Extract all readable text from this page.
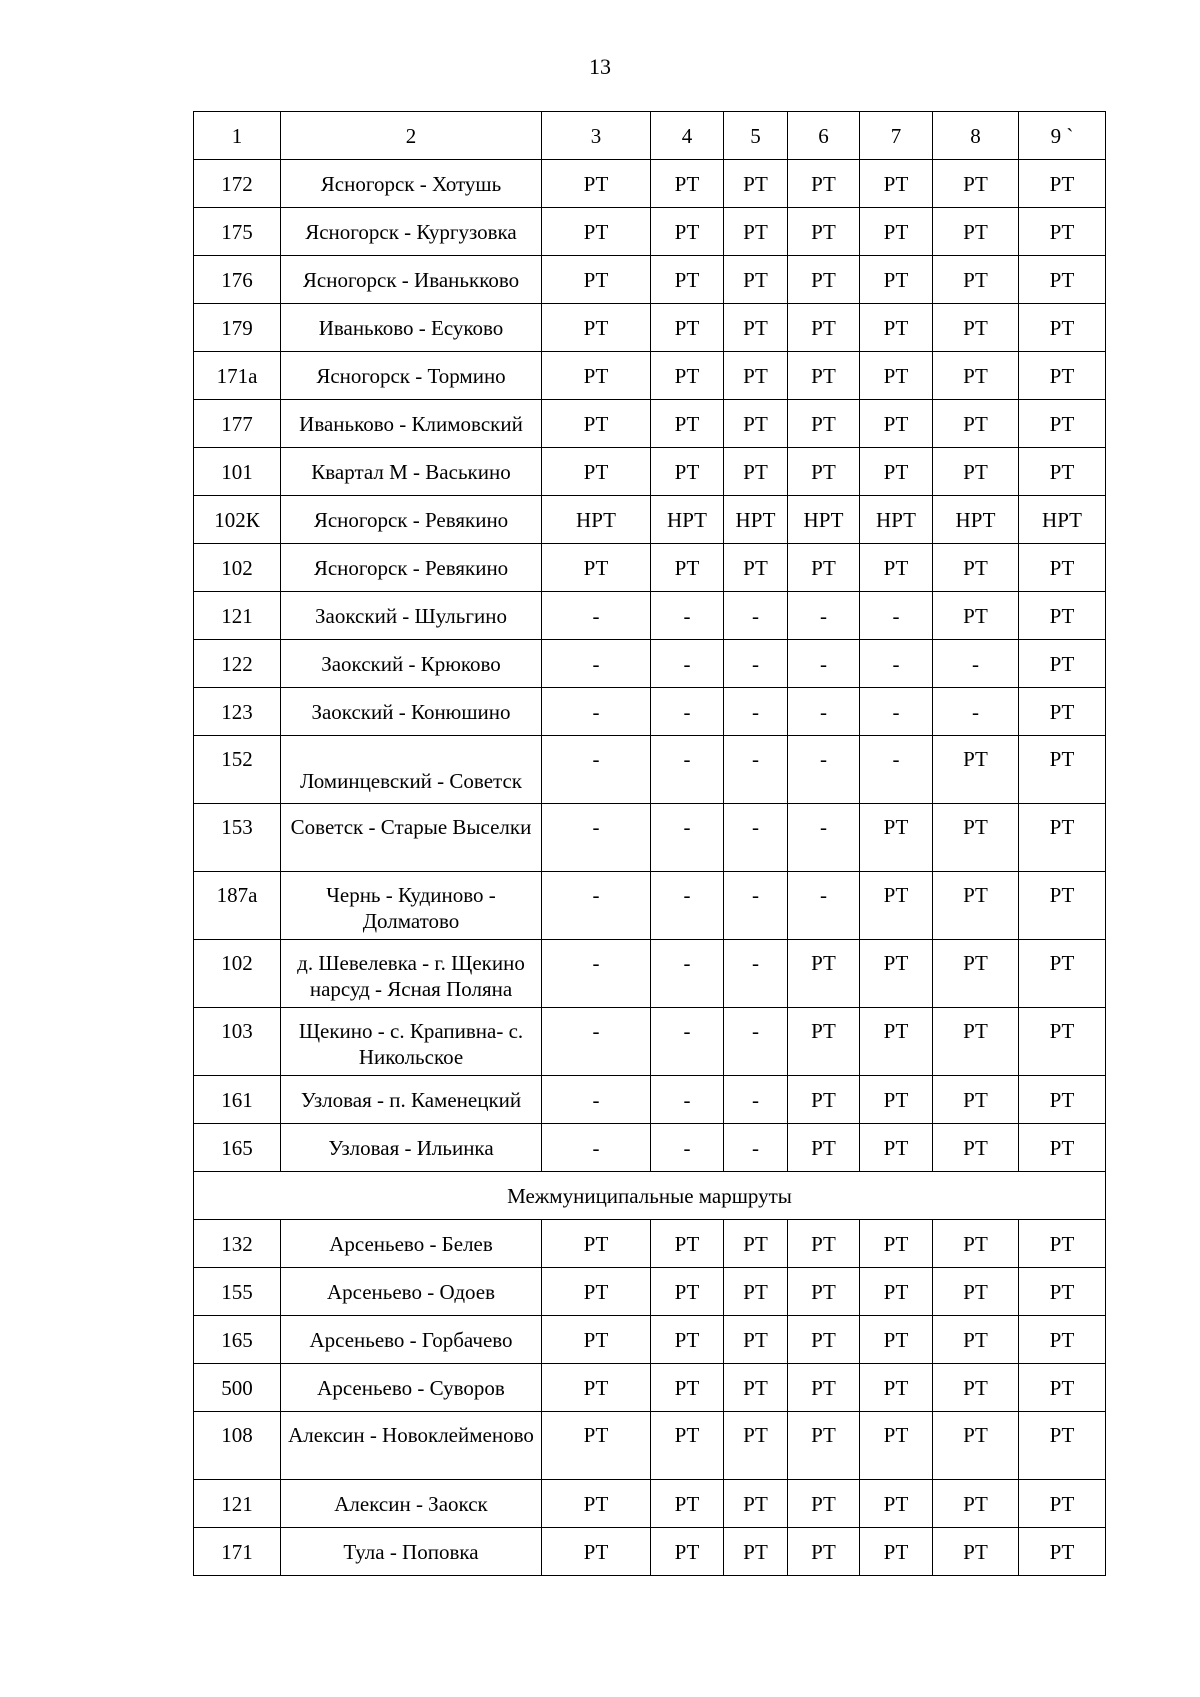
13
1	2	3	4	5	6	7	8	9 `
172	Ясногорск - Хотушь	РТ	РТ	РТ	РТ	РТ	РТ	РТ
175	Ясногорск - Кургузовка	РТ	РТ	РТ	РТ	РТ	РТ	РТ
176	Ясногорск - Иванькково	РТ	РТ	РТ	РТ	РТ	РТ	РТ
179	Иваньково - Есуково	РТ	РТ	РТ	РТ	РТ	РТ	РТ
171а	Ясногорск - Тормино	РТ	РТ	РТ	РТ	РТ	РТ	РТ
177	Иваньково - Климовский	РТ	РТ	РТ	РТ	РТ	РТ	РТ
101	Квартал М - Васькино	РТ	РТ	РТ	РТ	РТ	РТ	РТ
102К	Ясногорск - Ревякино	НРТ	НРТ	НРТ	НРТ	НРТ	НРТ	НРТ
102	Ясногорск - Ревякино	РТ	РТ	РТ	РТ	РТ	РТ	РТ
121	Заокский - Шульгино	-	-	-	-	-	РТ	РТ
122	Заокский - Крюково	-	-	-	-	-	-	РТ
123	Заокский - Конюшино	-	-	-	-	-	-	РТ
152	Ломинцевский - Советск	-	-	-	-	-	РТ	РТ
153	Советск - Старые Выселки	-	-	-	-	РТ	РТ	РТ
187а	Чернь - Кудиново - Долматово	-	-	-	-	РТ	РТ	РТ
102	д. Шевелевка - г. Щекино нарсуд - Ясная Поляна	-	-	-	РТ	РТ	РТ	РТ
103	Щекино - с. Крапивна- с. Никольское	-	-	-	РТ	РТ	РТ	РТ
161	Узловая - п. Каменецкий	-	-	-	РТ	РТ	РТ	РТ
165	Узловая - Ильинка	-	-	-	РТ	РТ	РТ	РТ
Межмуниципальные маршруты								
132	Арсеньево - Белев	РТ	РТ	РТ	РТ	РТ	РТ	РТ
155	Арсеньево - Одоев	РТ	РТ	РТ	РТ	РТ	РТ	РТ
165	Арсеньево - Горбачево	РТ	РТ	РТ	РТ	РТ	РТ	РТ
500	Арсеньево - Суворов	РТ	РТ	РТ	РТ	РТ	РТ	РТ
108	Алексин - Новоклейменово	РТ	РТ	РТ	РТ	РТ	РТ	РТ
121	Алексин - Заокск	РТ	РТ	РТ	РТ	РТ	РТ	РТ
171	Тула - Поповка	РТ	РТ	РТ	РТ	РТ	РТ	РТ
